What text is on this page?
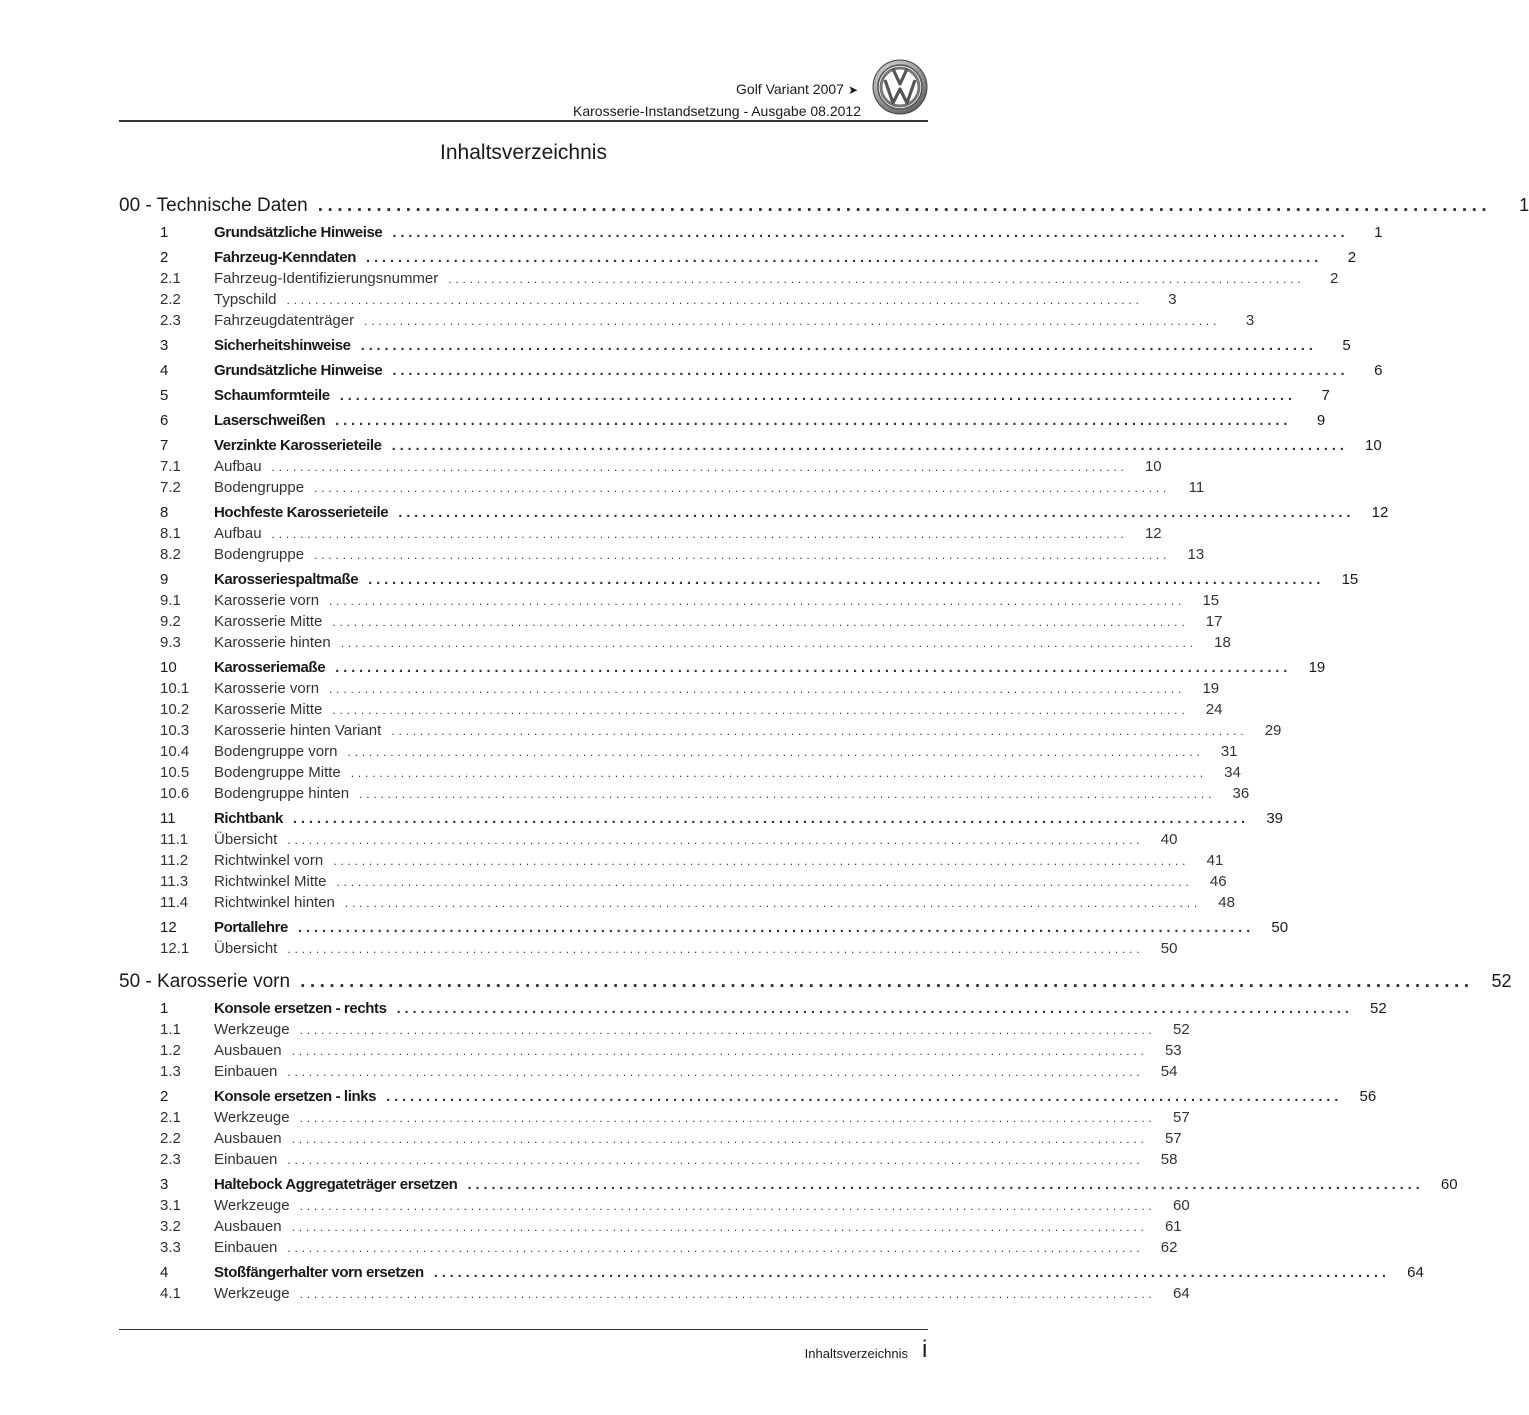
Golf Variant 2007 ➤
Karosserie-Instandsetzung - Ausgabe 08.2012
Inhaltsverzeichnis
00 - Technische Daten ........................................................................................................................	1
1	Grundsätzliche Hinweise ........................................................................................................................	1
2	Fahrzeug-Kenndaten ........................................................................................................................	2
2.1	Fahrzeug-Identifizierungsnummer ........................................................................................................................	2
2.2	Typschild ........................................................................................................................	3
2.3	Fahrzeugdatenträger ........................................................................................................................	3
3	Sicherheitshinweise ........................................................................................................................	5
4	Grundsätzliche Hinweise ........................................................................................................................	6
5	Schaumformteile ........................................................................................................................	7
6	Laserschweißen ........................................................................................................................	9
7	Verzinkte Karosserieteile ........................................................................................................................	10
7.1	Aufbau ........................................................................................................................	10
7.2	Bodengruppe ........................................................................................................................	11
8	Hochfeste Karosserieteile ........................................................................................................................	12
8.1	Aufbau ........................................................................................................................	12
8.2	Bodengruppe ........................................................................................................................	13
9	Karosseriespaltmaße ........................................................................................................................	15
9.1	Karosserie vorn ........................................................................................................................	15
9.2	Karosserie Mitte ........................................................................................................................	17
9.3	Karosserie hinten ........................................................................................................................	18
10	Karosseriemaße ........................................................................................................................	19
10.1	Karosserie vorn ........................................................................................................................	19
10.2	Karosserie Mitte ........................................................................................................................	24
10.3	Karosserie hinten Variant ........................................................................................................................	29
10.4	Bodengruppe vorn ........................................................................................................................	31
10.5	Bodengruppe Mitte ........................................................................................................................	34
10.6	Bodengruppe hinten ........................................................................................................................	36
11	Richtbank ........................................................................................................................	39
11.1	Übersicht ........................................................................................................................	40
11.2	Richtwinkel vorn ........................................................................................................................	41
11.3	Richtwinkel Mitte ........................................................................................................................	46
11.4	Richtwinkel hinten ........................................................................................................................	48
12	Portallehre ........................................................................................................................	50
12.1	Übersicht ........................................................................................................................	50
50 - Karosserie vorn ........................................................................................................................ 52
1	Konsole ersetzen - rechts ........................................................................................................................	52
1.1	Werkzeuge ........................................................................................................................	52
1.2	Ausbauen ........................................................................................................................	53
1.3	Einbauen ........................................................................................................................	54
2	Konsole ersetzen - links ........................................................................................................................	56
2.1	Werkzeuge ........................................................................................................................	57
2.2	Ausbauen ........................................................................................................................	57
2.3	Einbauen ........................................................................................................................	58
3	Haltebock Aggregateträger ersetzen ........................................................................................................................	60
3.1	Werkzeuge ........................................................................................................................	60
3.2	Ausbauen ........................................................................................................................	61
3.3	Einbauen ........................................................................................................................	62
4	Stoßfängerhalter vorn ersetzen ........................................................................................................................	64
4.1	Werkzeuge ........................................................................................................................	64
Inhaltsverzeichnis i
